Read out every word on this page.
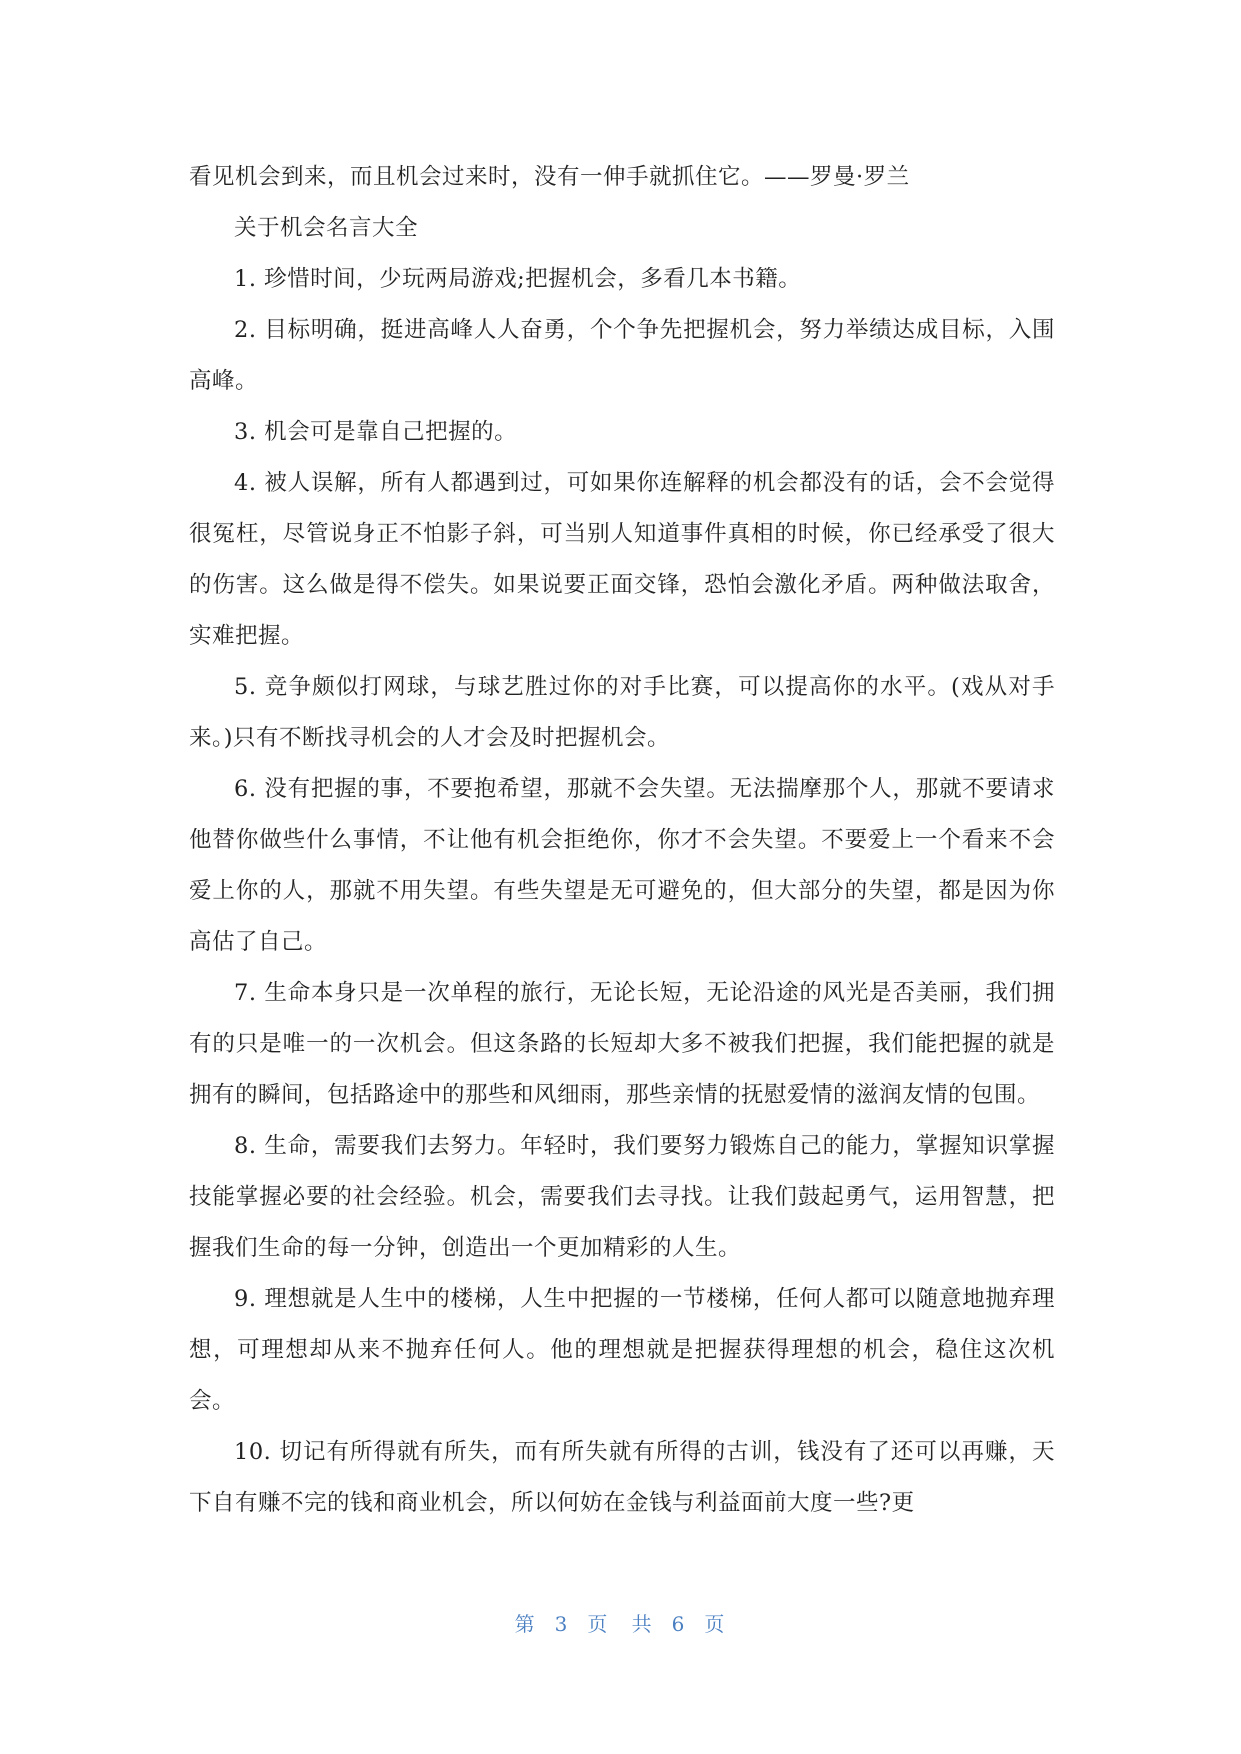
看见机会到来，而且机会过来时，没有一伸手就抓住它。——罗曼·罗兰

关于机会名言大全

1. 珍惜时间，少玩两局游戏;把握机会，多看几本书籍。

2. 目标明确，挺进高峰人人奋勇，个个争先把握机会，努力举绩达成目标，入围高峰。

3. 机会可是靠自己把握的。

4. 被人误解，所有人都遇到过，可如果你连解释的机会都没有的话，会不会觉得很冤枉，尽管说身正不怕影子斜，可当别人知道事件真相的时候，你已经承受了很大的伤害。这么做是得不偿失。如果说要正面交锋，恐怕会激化矛盾。两种做法取舍，实难把握。

5. 竞争颇似打网球，与球艺胜过你的对手比赛，可以提高你的水平。(戏从对手来。)只有不断找寻机会的人才会及时把握机会。

6. 没有把握的事，不要抱希望，那就不会失望。无法揣摩那个人，那就不要请求他替你做些什么事情，不让他有机会拒绝你，你才不会失望。不要爱上一个看来不会爱上你的人，那就不用失望。有些失望是无可避免的，但大部分的失望，都是因为你高估了自己。

7. 生命本身只是一次单程的旅行，无论长短，无论沿途的风光是否美丽，我们拥有的只是唯一的一次机会。但这条路的长短却大多不被我们把握，我们能把握的就是拥有的瞬间，包括路途中的那些和风细雨，那些亲情的抚慰爱情的滋润友情的包围。

8. 生命，需要我们去努力。年轻时，我们要努力锻炼自己的能力，掌握知识掌握技能掌握必要的社会经验。机会，需要我们去寻找。让我们鼓起勇气，运用智慧，把握我们生命的每一分钟，创造出一个更加精彩的人生。

9. 理想就是人生中的楼梯，人生中把握的一节楼梯，任何人都可以随意地抛弃理想，可理想却从来不抛弃任何人。他的理想就是把握获得理想的机会，稳住这次机会。

10. 切记有所得就有所失，而有所失就有所得的古训，钱没有了还可以再赚，天下自有赚不完的钱和商业机会，所以何妨在金钱与利益面前大度一些?更

第 3 页 共 6 页
